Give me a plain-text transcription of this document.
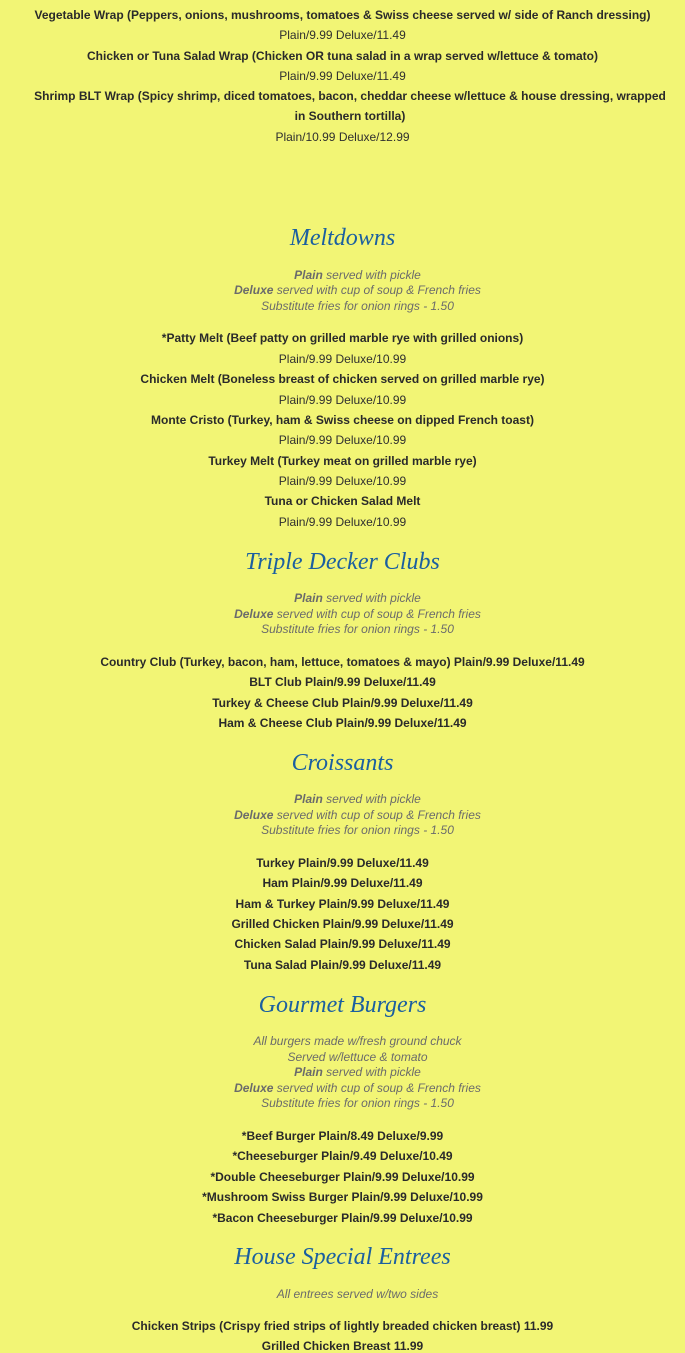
Vegetable Wrap (Peppers, onions, mushrooms, tomatoes & Swiss cheese served w/ side of Ranch dressing)
Plain/9.99 Deluxe/11.49
Chicken or Tuna Salad Wrap (Chicken OR tuna salad in a wrap served w/lettuce & tomato)
Plain/9.99 Deluxe/11.49
Shrimp BLT Wrap (Spicy shrimp, diced tomatoes, bacon, cheddar cheese w/lettuce & house dressing, wrapped in Southern tortilla)
Plain/10.99 Deluxe/12.99
Meltdowns
Plain served with pickle
Deluxe served with cup of soup & French fries
Substitute fries for onion rings - 1.50
*Patty Melt (Beef patty on grilled marble rye with grilled onions)
Plain/9.99 Deluxe/10.99
Chicken Melt (Boneless breast of chicken served on grilled marble rye)
Plain/9.99 Deluxe/10.99
Monte Cristo (Turkey, ham & Swiss cheese on dipped French toast)
Plain/9.99 Deluxe/10.99
Turkey Melt (Turkey meat on grilled marble rye)
Plain/9.99 Deluxe/10.99
Tuna or Chicken Salad Melt
Plain/9.99 Deluxe/10.99
Triple Decker Clubs
Plain served with pickle
Deluxe served with cup of soup & French fries
Substitute fries for onion rings - 1.50
Country Club (Turkey, bacon, ham, lettuce, tomatoes & mayo) Plain/9.99 Deluxe/11.49
BLT Club Plain/9.99 Deluxe/11.49
Turkey & Cheese Club Plain/9.99 Deluxe/11.49
Ham & Cheese Club Plain/9.99 Deluxe/11.49
Croissants
Plain served with pickle
Deluxe served with cup of soup & French fries
Substitute fries for onion rings - 1.50
Turkey Plain/9.99 Deluxe/11.49
Ham Plain/9.99 Deluxe/11.49
Ham & Turkey Plain/9.99 Deluxe/11.49
Grilled Chicken Plain/9.99 Deluxe/11.49
Chicken Salad Plain/9.99 Deluxe/11.49
Tuna Salad Plain/9.99 Deluxe/11.49
Gourmet Burgers
All burgers made w/fresh ground chuck
Served w/lettuce & tomato
Plain served with pickle
Deluxe served with cup of soup & French fries
Substitute fries for onion rings - 1.50
*Beef Burger Plain/8.49 Deluxe/9.99
*Cheeseburger Plain/9.49 Deluxe/10.49
*Double Cheeseburger Plain/9.99 Deluxe/10.99
*Mushroom Swiss Burger Plain/9.99 Deluxe/10.99
*Bacon Cheeseburger Plain/9.99 Deluxe/10.99
House Special Entrees
All entrees served w/two sides
Chicken Strips (Crispy fried strips of lightly breaded chicken breast) 11.99
Grilled Chicken Breast 11.99
